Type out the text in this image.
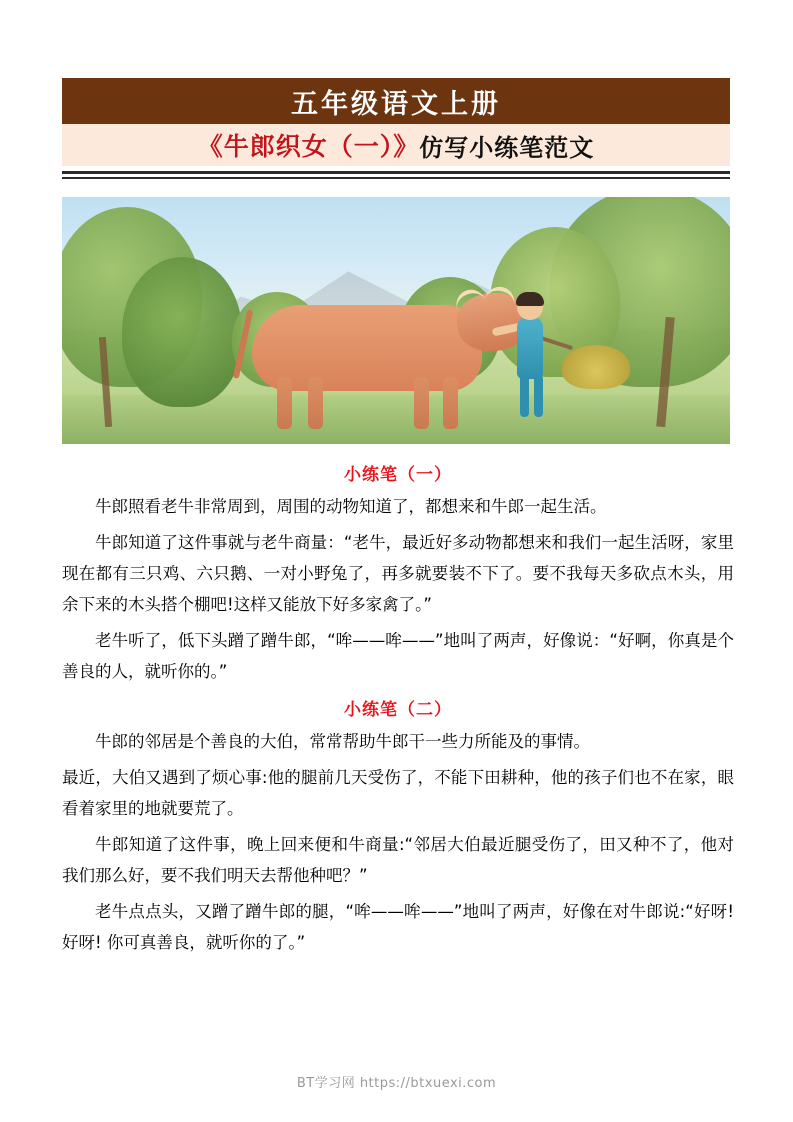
五年级语文上册
《牛郎织女（一）》 仿写小练笔范文
小练笔（一）

牛郎照看老牛非常周到，周围的动物知道了，都想来和牛郎一起生活。

牛郎知道了这件事就与老牛商量：“老牛，最近好多动物都想来和我们一起生活呀，家里现在都有三只鸡、六只鹅、一对小野兔了，再多就要装不下了。要不我每天多砍点木头，用余下来的木头搭个棚吧!这样又能放下好多家禽了。”

老牛听了，低下头蹭了蹭牛郎，“哞——哞——”地叫了两声，好像说：“好啊，你真是个善良的人，就听你的。”

小练笔（二）

牛郎的邻居是个善良的大伯，常常帮助牛郎干一些力所能及的事情。

最近，大伯又遇到了烦心事:他的腿前几天受伤了，不能下田耕种，他的孩子们也不在家，眼看着家里的地就要荒了。

牛郎知道了这件事，晚上回来便和牛商量:“邻居大伯最近腿受伤了，田又种不了，他对我们那么好，要不我们明天去帮他种吧？”

老牛点点头，又蹭了蹭牛郎的腿，“哞——哞——”地叫了两声，好像在对牛郎说:“好呀! 好呀! 你可真善良，就听你的了。”

BT学习网 https://btxuexi.com
